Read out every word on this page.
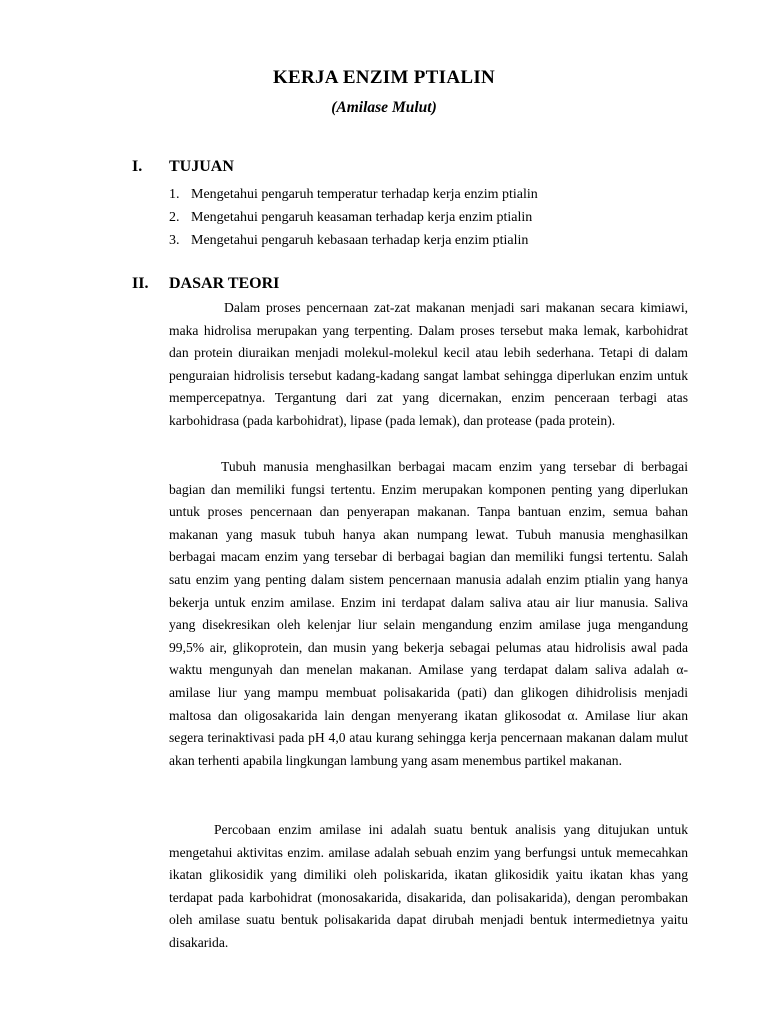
KERJA ENZIM PTIALIN
(Amilase Mulut)
I. TUJUAN
1. Mengetahui pengaruh temperatur terhadap kerja enzim ptialin
2. Mengetahui pengaruh keasaman terhadap kerja enzim ptialin
3. Mengetahui pengaruh kebasaan terhadap kerja enzim ptialin
II. DASAR TEORI

Dalam proses pencernaan zat-zat makanan menjadi sari makanan secara kimiawi, maka hidrolisa merupakan yang terpenting. Dalam proses tersebut maka lemak, karbohidrat dan protein diuraikan menjadi molekul-molekul kecil atau lebih sederhana. Tetapi di dalam penguraian hidrolisis tersebut kadang-kadang sangat lambat sehingga diperlukan enzim untuk mempercepatnya. Tergantung dari zat yang dicernakan, enzim penceraan terbagi atas karbohidrasa (pada karbohidrat), lipase (pada lemak), dan protease (pada protein).

Tubuh manusia menghasilkan berbagai macam enzim yang tersebar di berbagai bagian dan memiliki fungsi tertentu. Enzim merupakan komponen penting yang diperlukan untuk proses pencernaan dan penyerapan makanan. Tanpa bantuan enzim, semua bahan makanan yang masuk tubuh hanya akan numpang lewat. Tubuh manusia menghasilkan berbagai macam enzim yang tersebar di berbagai bagian dan memiliki fungsi tertentu. Salah satu enzim yang penting dalam sistem pencernaan manusia adalah enzim ptialin yang hanya bekerja untuk enzim amilase. Enzim ini terdapat dalam saliva atau air liur manusia. Saliva yang disekresikan oleh kelenjar liur selain mengandung enzim amilase juga mengandung 99,5% air, glikoprotein, dan musin yang bekerja sebagai pelumas atau hidrolisis awal pada waktu mengunyah dan menelan makanan. Amilase yang terdapat dalam saliva adalah α-amilase liur yang mampu membuat polisakarida (pati) dan glikogen dihidrolisis menjadi maltosa dan oligosakarida lain dengan menyerang ikatan glikosodat α. Amilase liur akan segera terinaktivasi pada pH 4,0 atau kurang sehingga kerja pencernaan makanan dalam mulut akan terhenti apabila lingkungan lambung yang asam menembus partikel makanan.

Percobaan enzim amilase ini adalah suatu bentuk analisis yang ditujukan untuk mengetahui aktivitas enzim. amilase adalah sebuah enzim yang berfungsi untuk memecahkan ikatan glikosidik yang dimiliki oleh poliskarida, ikatan glikosidik yaitu ikatan khas yang terdapat pada karbohidrat (monosakarida, disakarida, dan polisakarida), dengan perombakan oleh amilase suatu bentuk polisakarida dapat dirubah menjadi bentuk intermedietnya yaitu disakarida.
